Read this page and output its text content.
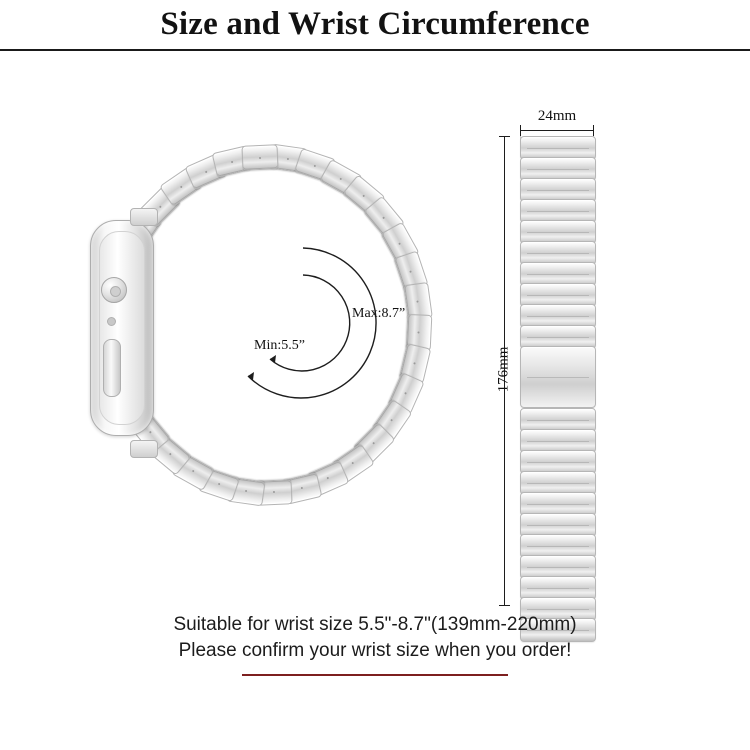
Size and Wrist Circumference
Max:8.7”
Min:5.5”
24mm
176mm
Suitable for wrist size 5.5"-8.7"(139mm-220mm)
Please confirm your wrist size when you order!
